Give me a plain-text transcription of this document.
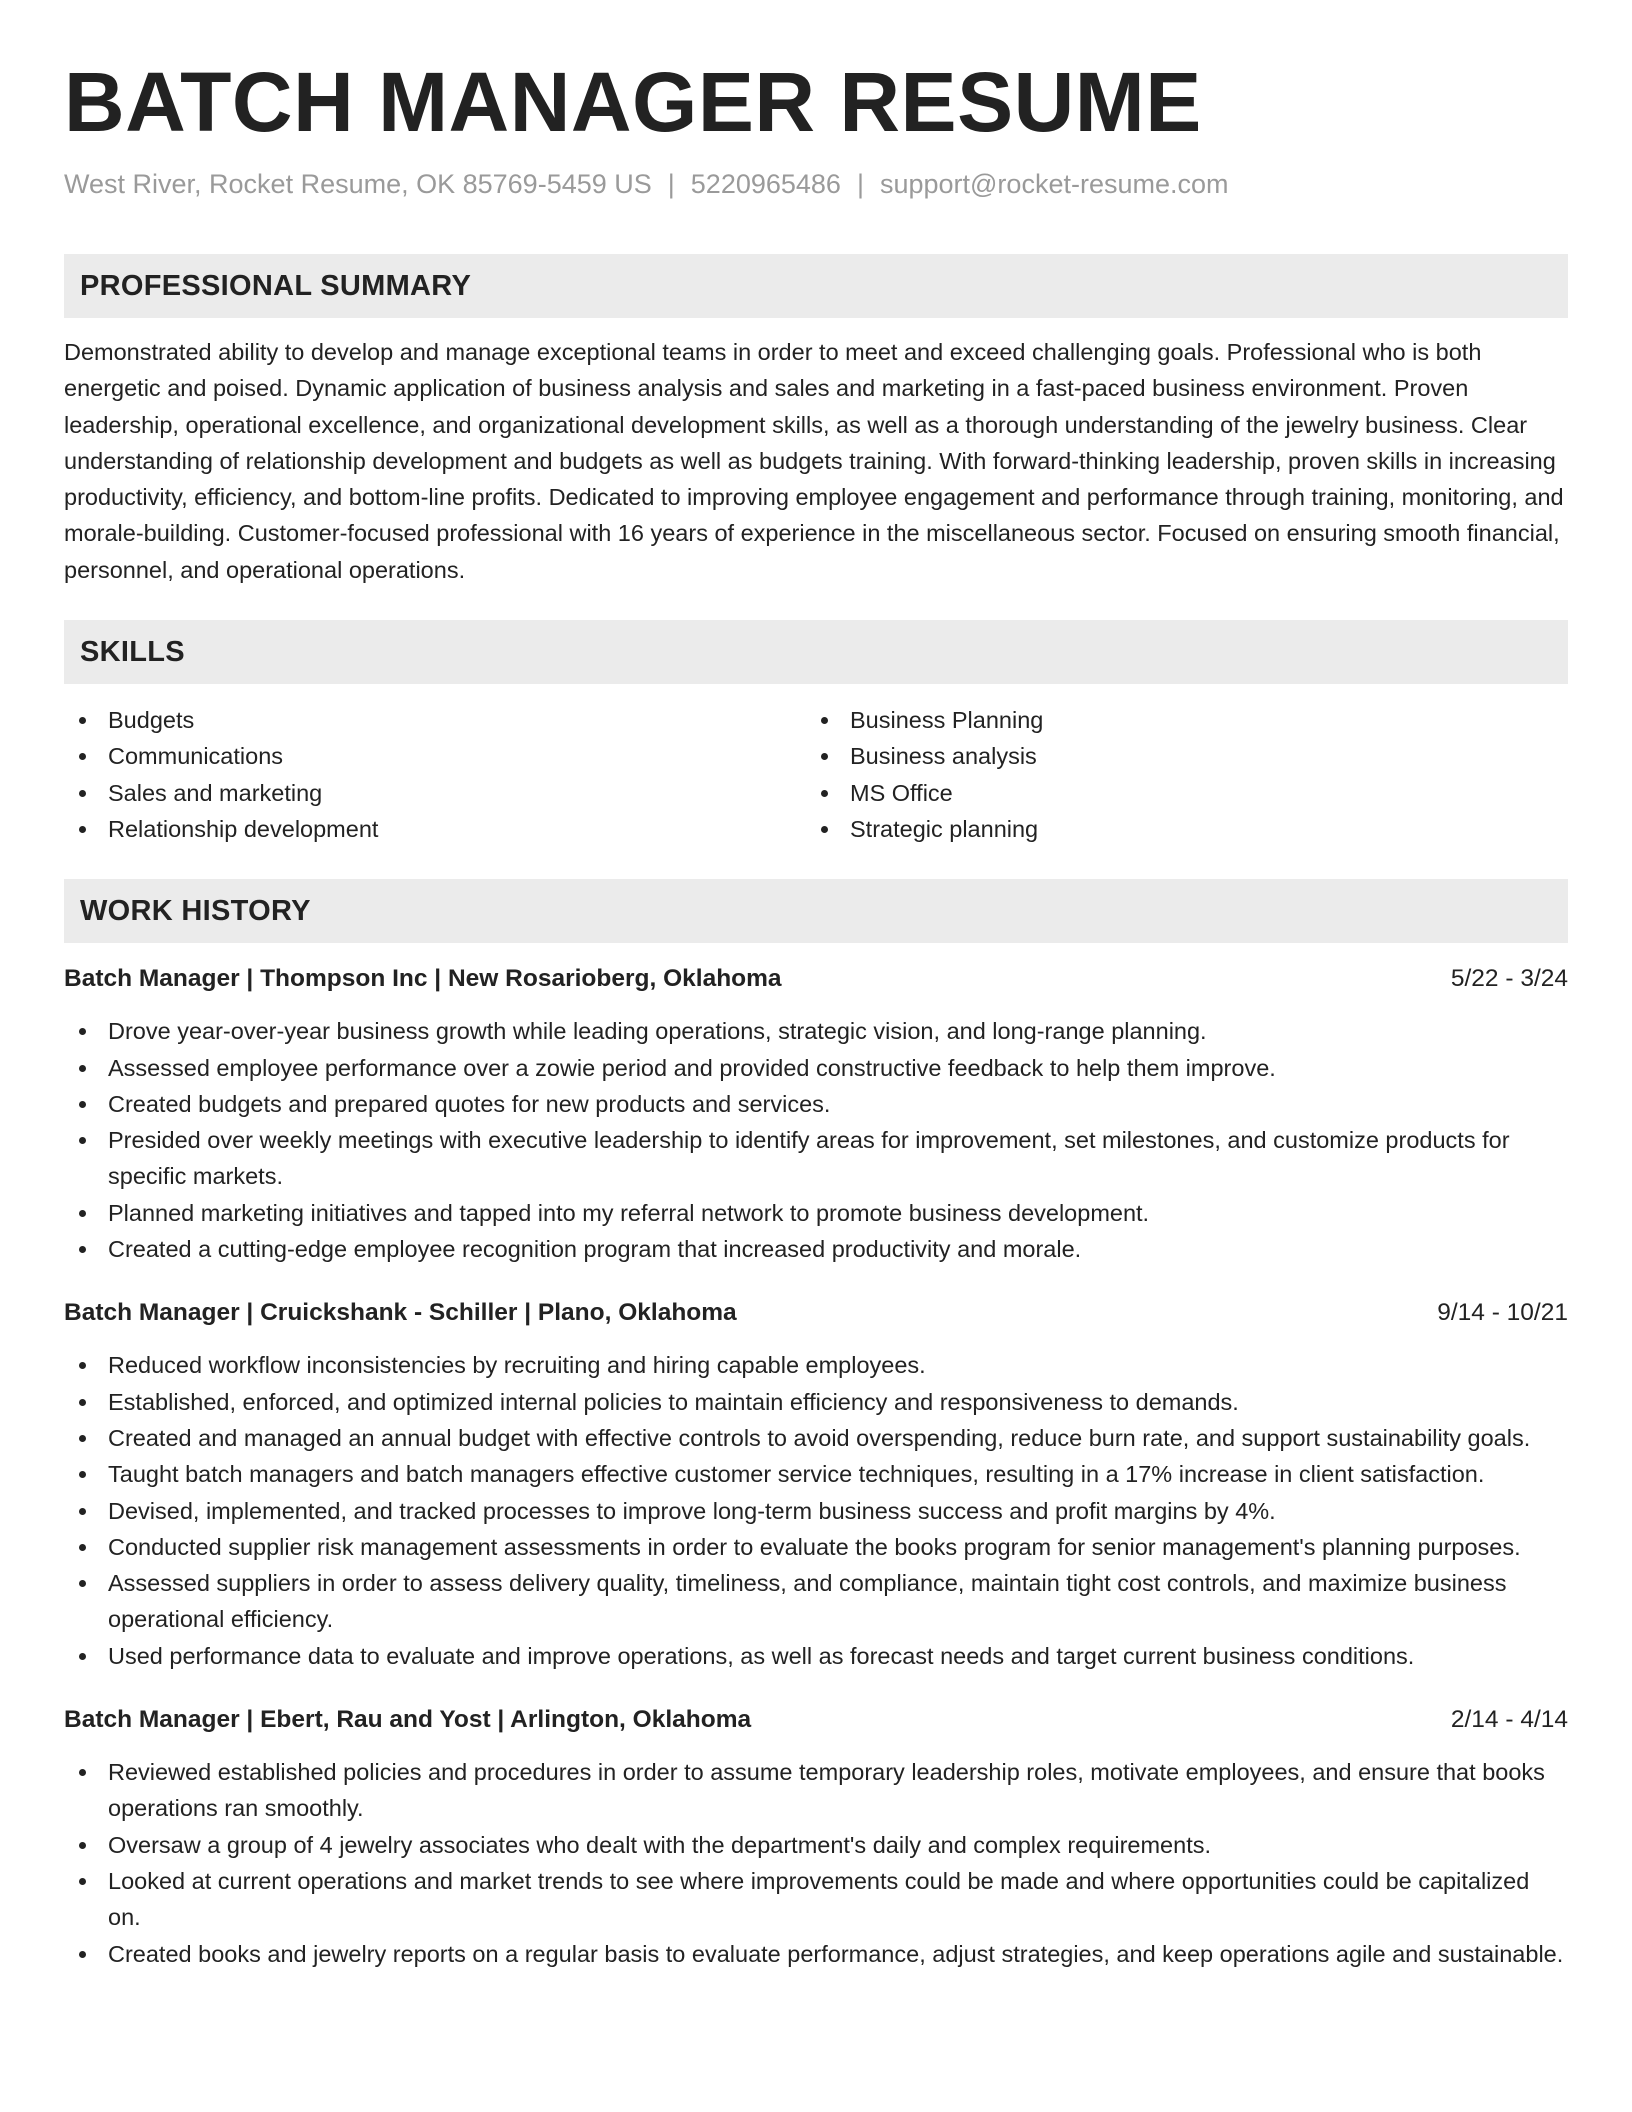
BATCH MANAGER RESUME
West River, Rocket Resume, OK 85769-5459 US | 5220965486 | support@rocket-resume.com
PROFESSIONAL SUMMARY
Demonstrated ability to develop and manage exceptional teams in order to meet and exceed challenging goals. Professional who is both energetic and poised. Dynamic application of business analysis and sales and marketing in a fast-paced business environment. Proven leadership, operational excellence, and organizational development skills, as well as a thorough understanding of the jewelry business. Clear understanding of relationship development and budgets as well as budgets training. With forward-thinking leadership, proven skills in increasing productivity, efficiency, and bottom-line profits. Dedicated to improving employee engagement and performance through training, monitoring, and morale-building. Customer-focused professional with 16 years of experience in the miscellaneous sector. Focused on ensuring smooth financial, personnel, and operational operations.
SKILLS
Budgets
Communications
Sales and marketing
Relationship development
Business Planning
Business analysis
MS Office
Strategic planning
WORK HISTORY
Batch Manager | Thompson Inc | New Rosarioberg, Oklahoma	5/22 - 3/24
Drove year-over-year business growth while leading operations, strategic vision, and long-range planning.
Assessed employee performance over a zowie period and provided constructive feedback to help them improve.
Created budgets and prepared quotes for new products and services.
Presided over weekly meetings with executive leadership to identify areas for improvement, set milestones, and customize products for specific markets.
Planned marketing initiatives and tapped into my referral network to promote business development.
Created a cutting-edge employee recognition program that increased productivity and morale.
Batch Manager | Cruickshank - Schiller | Plano, Oklahoma	9/14 - 10/21
Reduced workflow inconsistencies by recruiting and hiring capable employees.
Established, enforced, and optimized internal policies to maintain efficiency and responsiveness to demands.
Created and managed an annual budget with effective controls to avoid overspending, reduce burn rate, and support sustainability goals.
Taught batch managers and batch managers effective customer service techniques, resulting in a 17% increase in client satisfaction.
Devised, implemented, and tracked processes to improve long-term business success and profit margins by 4%.
Conducted supplier risk management assessments in order to evaluate the books program for senior management's planning purposes.
Assessed suppliers in order to assess delivery quality, timeliness, and compliance, maintain tight cost controls, and maximize business operational efficiency.
Used performance data to evaluate and improve operations, as well as forecast needs and target current business conditions.
Batch Manager | Ebert, Rau and Yost | Arlington, Oklahoma	2/14 - 4/14
Reviewed established policies and procedures in order to assume temporary leadership roles, motivate employees, and ensure that books operations ran smoothly.
Oversaw a group of 4 jewelry associates who dealt with the department's daily and complex requirements.
Looked at current operations and market trends to see where improvements could be made and where opportunities could be capitalized on.
Created books and jewelry reports on a regular basis to evaluate performance, adjust strategies, and keep operations agile and sustainable.
